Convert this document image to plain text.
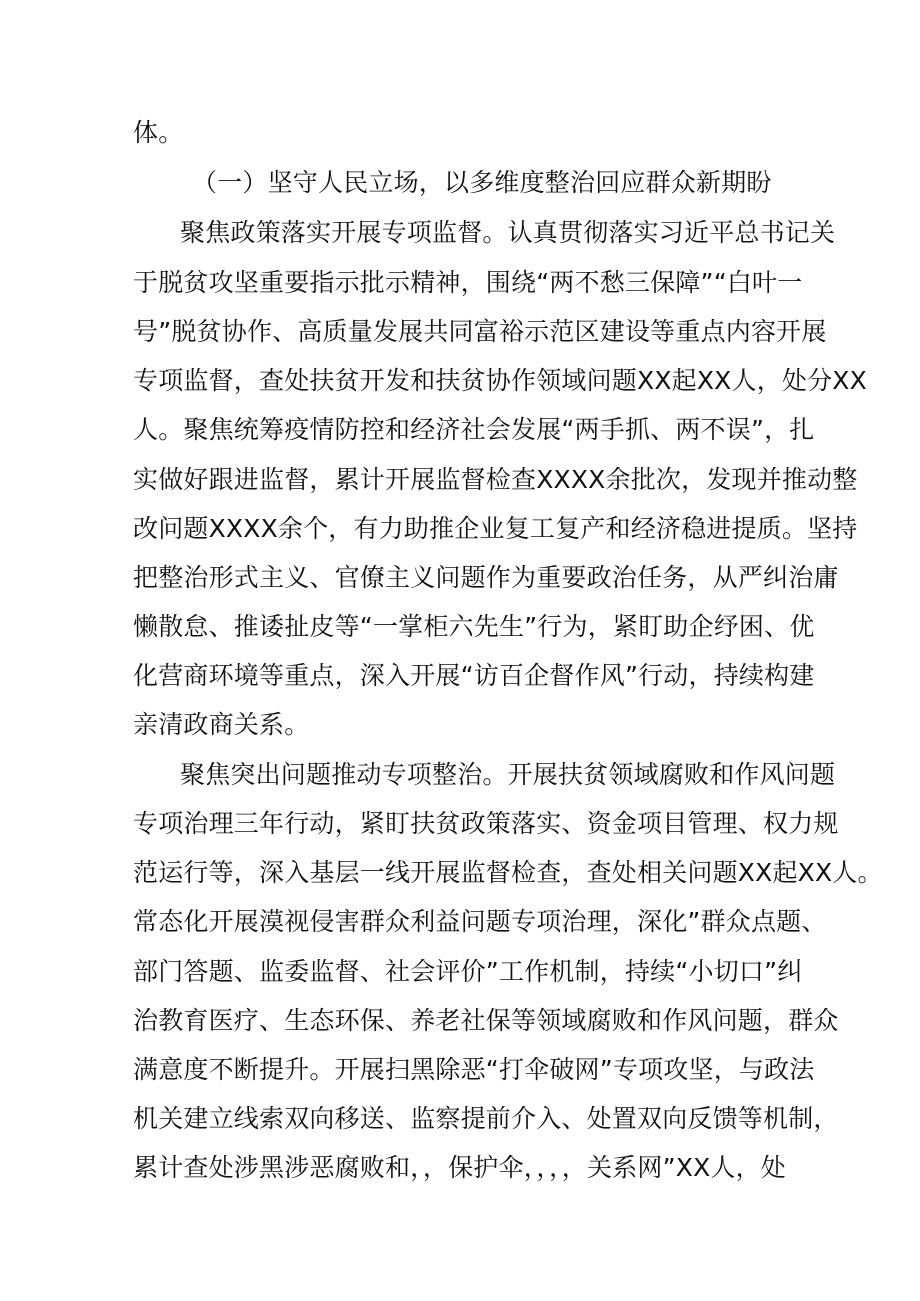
体。
（一）坚守人民立场，以多维度整治回应群众新期盼
聚焦政策落实开展专项监督。认真贯彻落实习近平总书记关
于脱贫攻坚重要指示批示精神，围绕“两不愁三保障”“白叶一
号”脱贫协作、高质量发展共同富裕示范区建设等重点内容开展
专项监督，查处扶贫开发和扶贫协作领域问题XX起XX人，处分XX
人。聚焦统筹疫情防控和经济社会发展“两手抓、两不误”，扎
实做好跟进监督，累计开展监督检查XXXX余批次，发现并推动整
改问题XXXX余个，有力助推企业复工复产和经济稳进提质。坚持
把整治形式主义、官僚主义问题作为重要政治任务，从严纠治庸
懒散怠、推诿扯皮等“一掌柜六先生”行为，紧盯助企纾困、优
化营商环境等重点，深入开展“访百企督作风”行动，持续构建
亲清政商关系。
聚焦突出问题推动专项整治。开展扶贫领域腐败和作风问题
专项治理三年行动，紧盯扶贫政策落实、资金项目管理、权力规
范运行等，深入基层一线开展监督检查，查处相关问题XX起XX人。
常态化开展漠视侵害群众利益问题专项治理，深化”群众点题、
部门答题、监委监督、社会评价”工作机制，持续“小切口”纠
治教育医疗、生态环保、养老社保等领域腐败和作风问题，群众
满意度不断提升。开展扫黑除恶“打伞破网”专项攻坚，与政法
机关建立线索双向移送、监察提前介入、处置双向反馈等机制，
累计查处涉黑涉恶腐败和，，保护伞，，，，关系网”XX人，处
